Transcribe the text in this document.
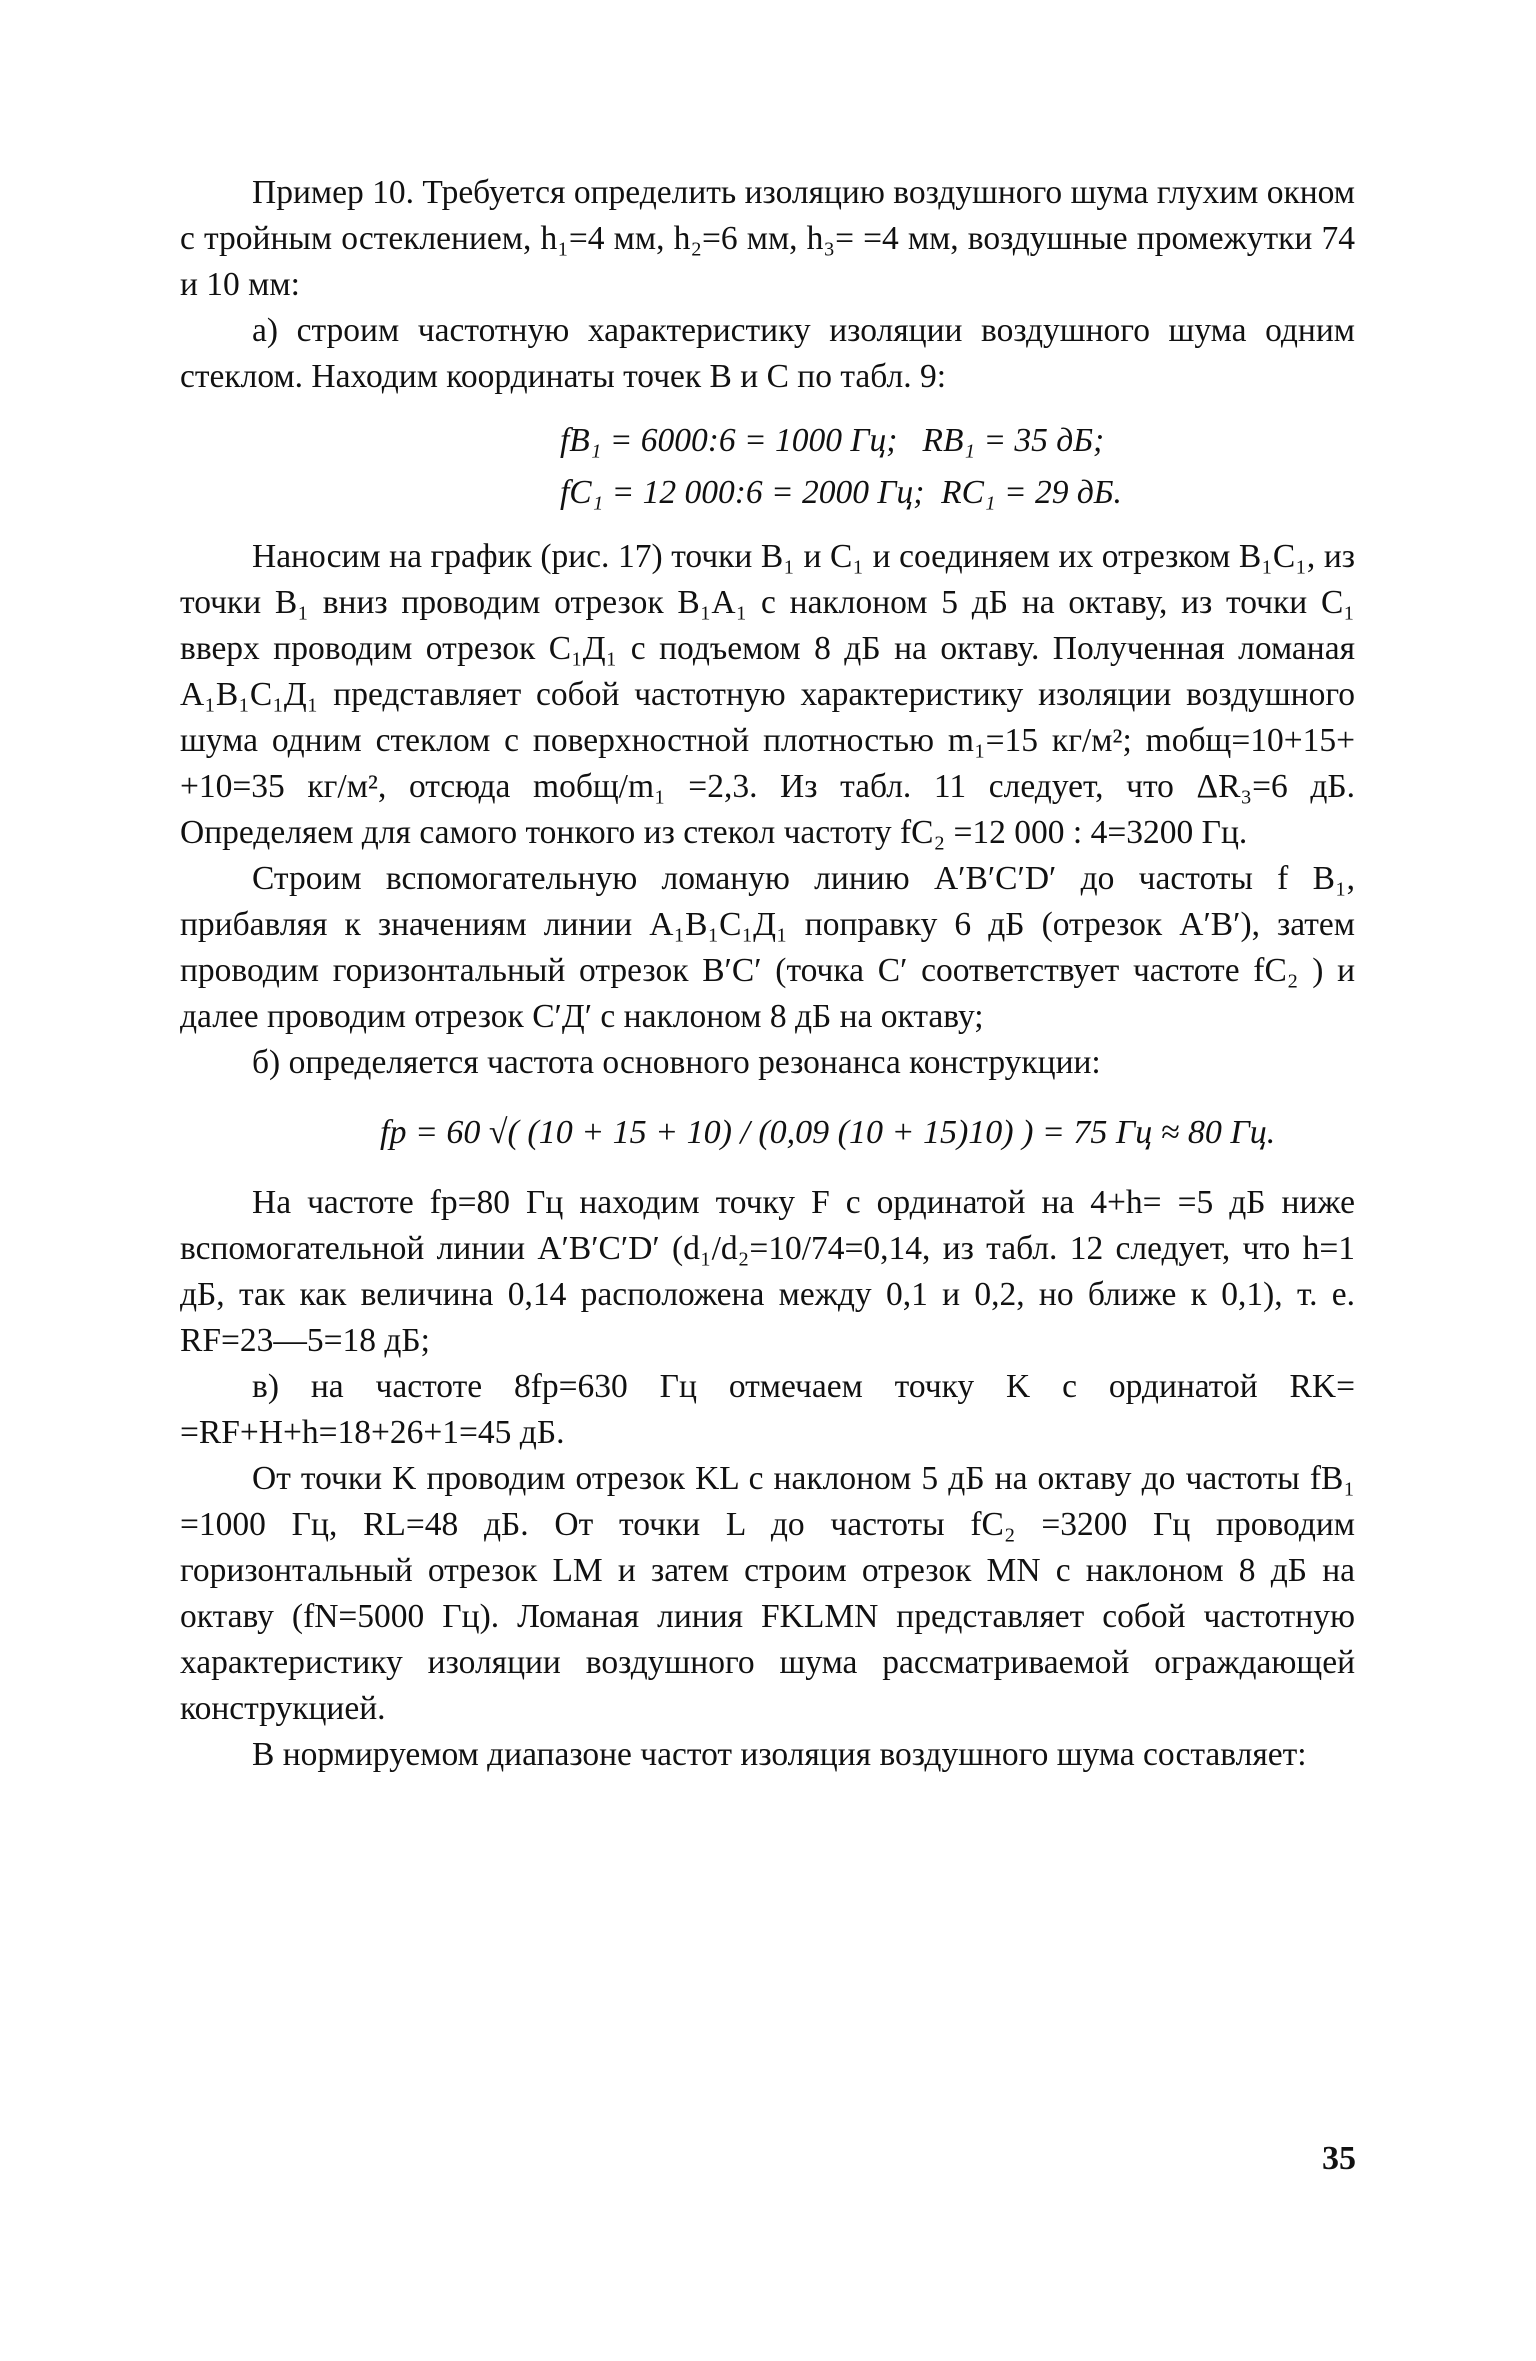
Пример 10. Требуется определить изоляцию воздушного шума глухим окном с тройным остеклением, h₁=4 мм, h₂=6 мм, h₃= =4 мм, воздушные промежутки 74 и 10 мм:

а) строим частотную характеристику изоляции воздушного шума одним стеклом. Находим координаты точек В и С по табл. 9:

fB₁ = 6000:6 = 1000 Гц;   RB₁ = 35 дБ;
fC₁ = 12 000:6 = 2000 Гц;  RC₁ = 29 дБ.

Наносим на график (рис. 17) точки B₁ и C₁ и соединяем их отрезком B₁C₁, из точки B₁ вниз проводим отрезок B₁A₁ с наклоном 5 дБ на октаву, из точки C₁ вверх проводим отрезок C₁Д₁ с подъемом 8 дБ на октаву. Полученная ломаная A₁B₁C₁Д₁ представляет собой частотную характеристику изоляции воздушного шума одним стеклом с поверхностной плотностью m₁=15 кг/м²; mобщ=10+15+ +10=35 кг/м², отсюда mобщ/m₁ =2,3. Из табл. 11 следует, что ΔR₃=6 дБ. Определяем для самого тонкого из стекол частоту fC₂ =12 000 : 4=3200 Гц.

Строим вспомогательную ломаную линию A′B′C′D′ до частоты f B₁, прибавляя к значениям линии A₁B₁C₁Д₁ поправку 6 дБ (отрезок A′B′), затем проводим горизонтальный отрезок B′C′ (точка C′ соответствует частоте fC₂ ) и далее проводим отрезок C′Д′ с наклоном 8 дБ на октаву;

б) определяется частота основного резонанса конструкции:

fр = 60 √( (10 + 15 + 10) / (0,09 (10 + 15)10) ) = 75 Гц ≈ 80 Гц.

На частоте fр=80 Гц находим точку F с ординатой на 4+h= =5 дБ ниже вспомогательной линии A′B′C′D′ (d₁/d₂=10/74=0,14, из табл. 12 следует, что h=1 дБ, так как величина 0,14 расположена между 0,1 и 0,2, но ближе к 0,1), т. е. RF=23—5=18 дБ;

в) на частоте 8fр=630 Гц отмечаем точку K с ординатой RK= =RF+H+h=18+26+1=45 дБ.

От точки K проводим отрезок KL с наклоном 5 дБ на октаву до частоты fB₁ =1000 Гц, RL=48 дБ. От точки L до частоты fC₂ =3200 Гц проводим горизонтальный отрезок LM и затем строим отрезок MN с наклоном 8 дБ на октаву (fN=5000 Гц). Ломаная линия FKLMN представляет собой частотную характеристику изоляции воздушного шума рассматриваемой ограждающей конструкцией.

В нормируемом диапазоне частот изоляция воздушного шума составляет:

35
